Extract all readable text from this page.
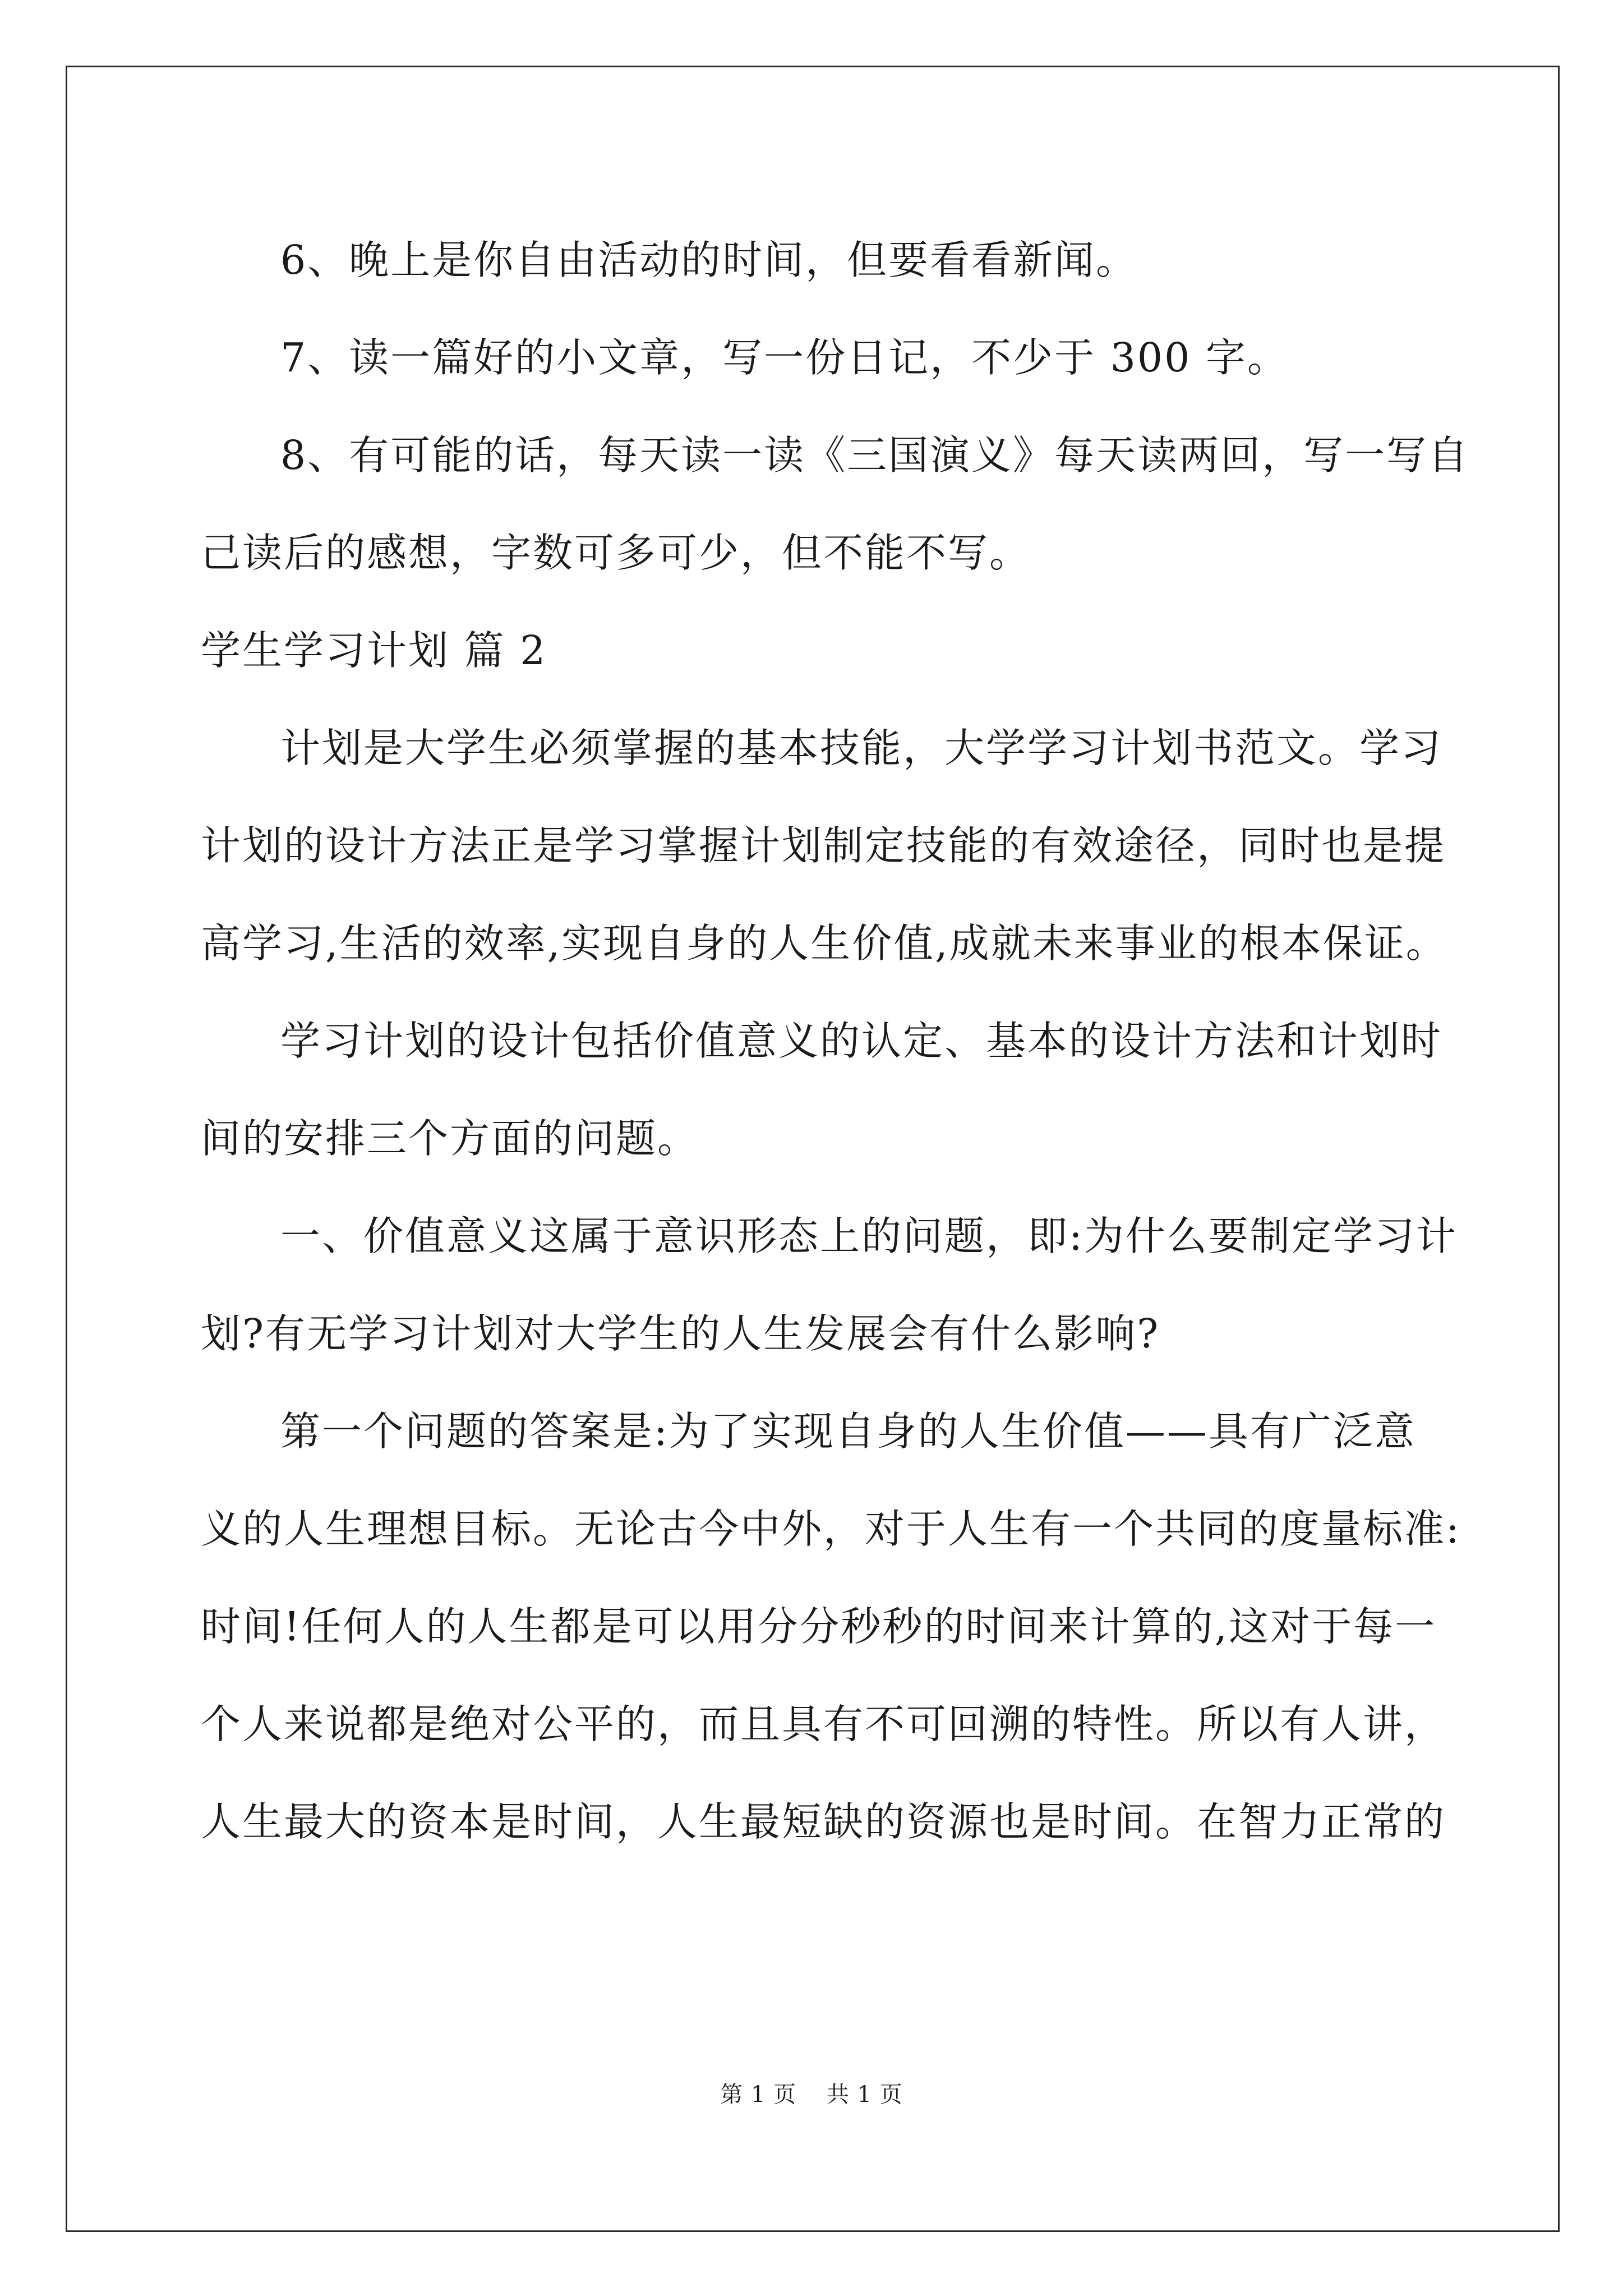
6、晚上是你自由活动的时间，但要看看新闻。
7、读一篇好的小文章，写一份日记，不少于 300 字。
8、有可能的话，每天读一读《三国演义》每天读两回，写一写自
己读后的感想，字数可多可少，但不能不写。
学生学习计划 篇 2
计划是大学生必须掌握的基本技能，大学学习计划书范文。学习
计划的设计方法正是学习掌握计划制定技能的有效途径，同时也是提
高学习,生活的效率,实现自身的人生价值,成就未来事业的根本保证。
学习计划的设计包括价值意义的认定、基本的设计方法和计划时
间的安排三个方面的问题。
一、价值意义这属于意识形态上的问题，即:为什么要制定学习计
划?有无学习计划对大学生的人生发展会有什么影响?
第一个问题的答案是:为了实现自身的人生价值——具有广泛意
义的人生理想目标。无论古今中外，对于人生有一个共同的度量标准:
时间!任何人的人生都是可以用分分秒秒的时间来计算的,这对于每一
个人来说都是绝对公平的，而且具有不可回溯的特性。所以有人讲，
人生最大的资本是时间，人生最短缺的资源也是时间。在智力正常的
第 1 页 共 1 页
